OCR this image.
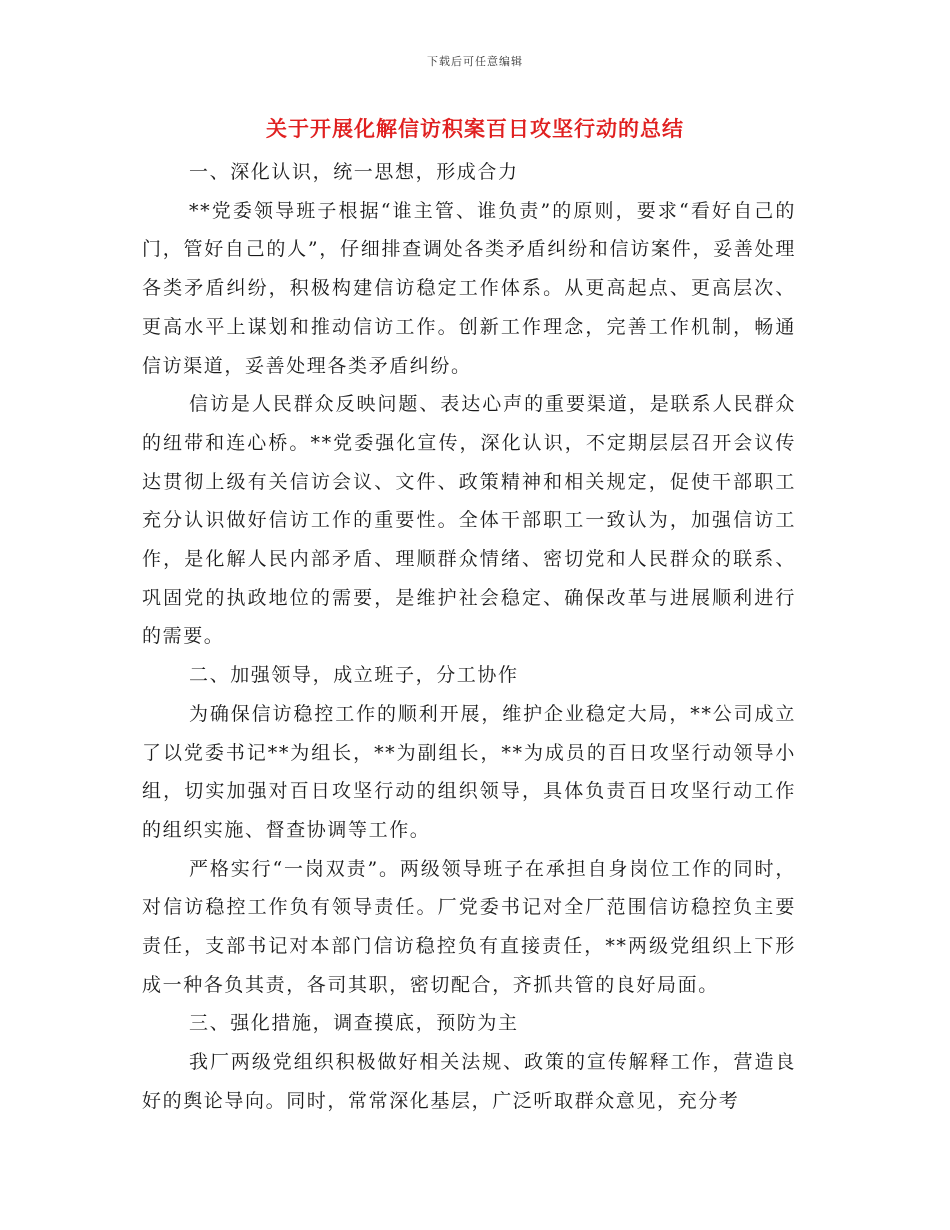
下载后可任意编辑
关于开展化解信访积案百日攻坚行动的总结

一、深化认识，统一思想，形成合力

**党委领导班子根据“谁主管、谁负责”的原则，要求“看好自己的门，管好自己的人”，仔细排查调处各类矛盾纠纷和信访案件，妥善处理各类矛盾纠纷，积极构建信访稳定工作体系。从更高起点、更高层次、更高水平上谋划和推动信访工作。创新工作理念，完善工作机制，畅通信访渠道，妥善处理各类矛盾纠纷。

信访是人民群众反映问题、表达心声的重要渠道，是联系人民群众的纽带和连心桥。**党委强化宣传，深化认识，不定期层层召开会议传达贯彻上级有关信访会议、文件、政策精神和相关规定，促使干部职工充分认识做好信访工作的重要性。全体干部职工一致认为，加强信访工作，是化解人民内部矛盾、理顺群众情绪、密切党和人民群众的联系、巩固党的执政地位的需要，是维护社会稳定、确保改革与进展顺利进行的需要。

二、加强领导，成立班子，分工协作

为确保信访稳控工作的顺利开展，维护企业稳定大局，**公司成立了以党委书记**为组长，**为副组长，**为成员的百日攻坚行动领导小组，切实加强对百日攻坚行动的组织领导，具体负责百日攻坚行动工作的组织实施、督查协调等工作。

严格实行“一岗双责”。两级领导班子在承担自身岗位工作的同时，对信访稳控工作负有领导责任。厂党委书记对全厂范围信访稳控负主要责任，支部书记对本部门信访稳控负有直接责任，**两级党组织上下形成一种各负其责，各司其职，密切配合，齐抓共管的良好局面。

三、强化措施，调查摸底，预防为主

我厂两级党组织积极做好相关法规、政策的宣传解释工作，营造良好的舆论导向。同时，常常深化基层，广泛听取群众意见，充分考
